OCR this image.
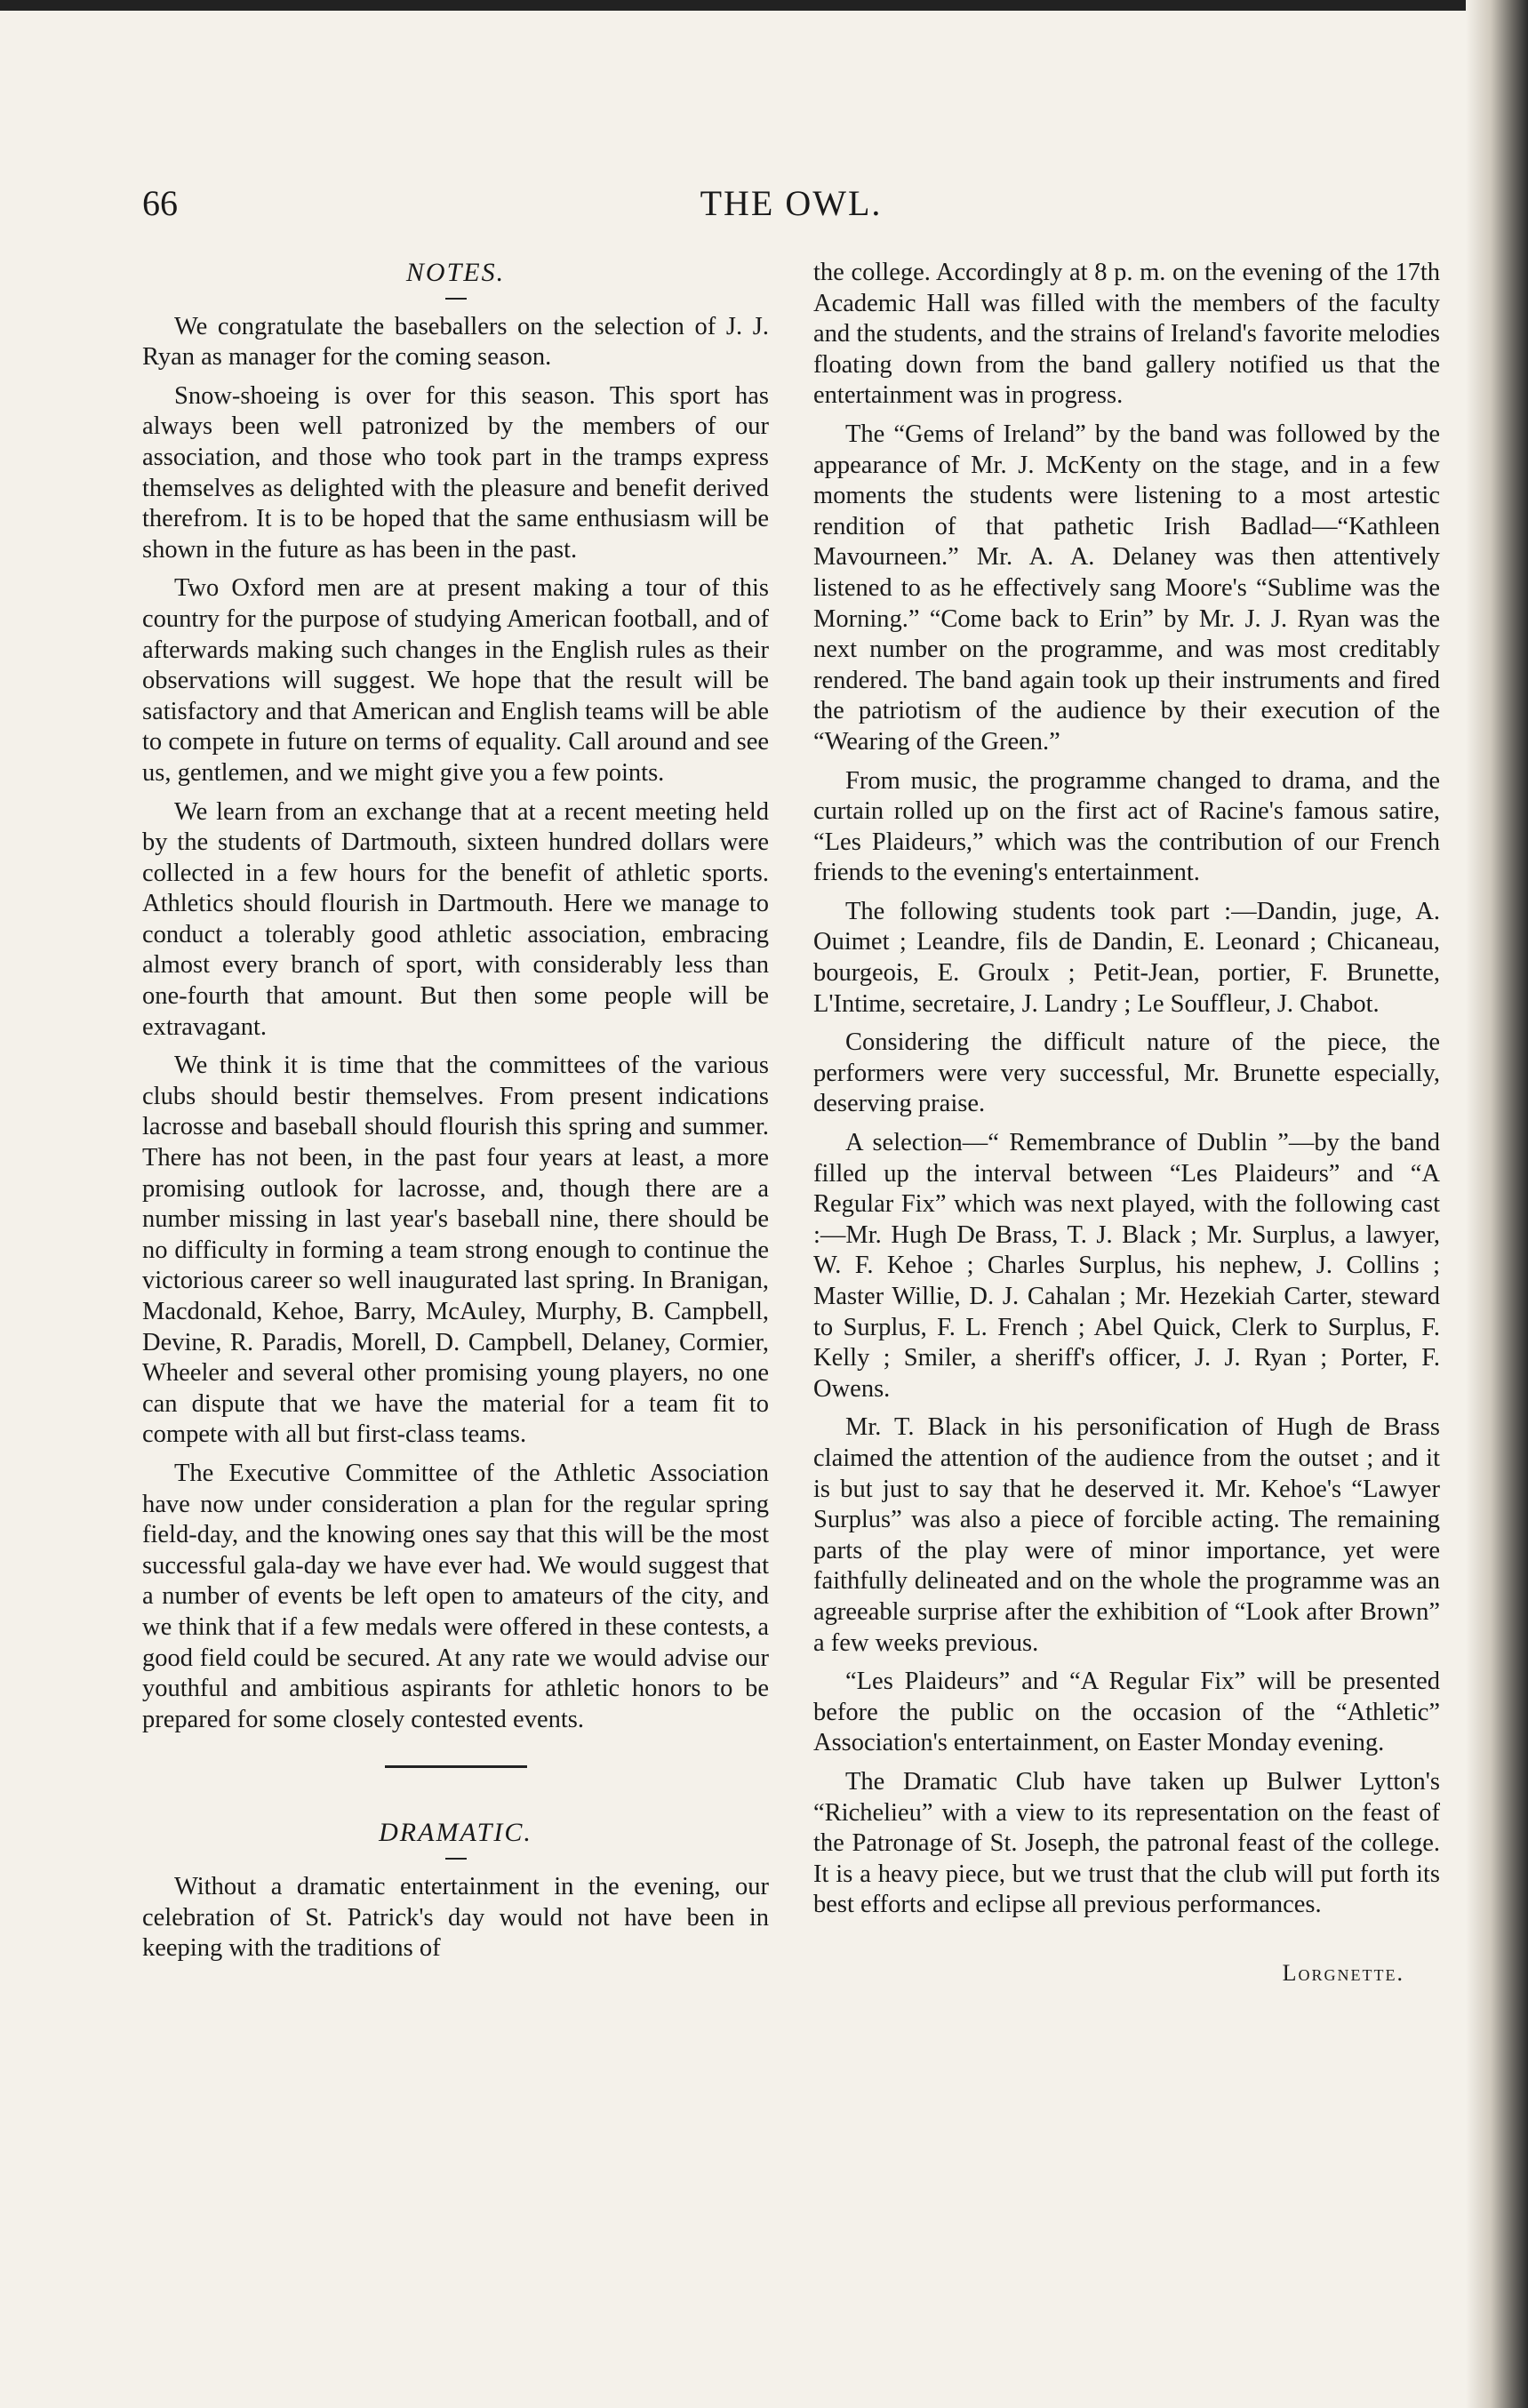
66	THE OWL.
NOTES.

We congratulate the baseballers on the selection of J. J. Ryan as manager for the coming season.

Snow-shoeing is over for this season. This sport has always been well patronized by the members of our association, and those who took part in the tramps express themselves as delighted with the pleasure and benefit derived therefrom. It is to be hoped that the same enthusiasm will be shown in the future as has been in the past.

Two Oxford men are at present making a tour of this country for the purpose of studying American football, and of afterwards making such changes in the English rules as their observations will suggest. We hope that the result will be satisfactory and that American and English teams will be able to compete in future on terms of equality. Call around and see us, gentlemen, and we might give you a few points.

We learn from an exchange that at a recent meeting held by the students of Dartmouth, sixteen hundred dollars were collected in a few hours for the benefit of athletic sports. Athletics should flourish in Dartmouth. Here we manage to conduct a tolerably good athletic association, embracing almost every branch of sport, with considerably less than one-fourth that amount. But then some people will be extravagant.

We think it is time that the committees of the various clubs should bestir themselves. From present indications lacrosse and baseball should flourish this spring and summer. There has not been, in the past four years at least, a more promising outlook for lacrosse, and, though there are a number missing in last year's baseball nine, there should be no difficulty in forming a team strong enough to continue the victorious career so well inaugurated last spring. In Branigan, Macdonald, Kehoe, Barry, McAuley, Murphy, B. Campbell, Devine, R. Paradis, Morell, D. Campbell, Delaney, Cormier, Wheeler and several other promising young players, no one can dispute that we have the material for a team fit to compete with all but first-class teams.

The Executive Committee of the Athletic Association have now under consideration a plan for the regular spring field-day, and the knowing ones say that this will be the most successful gala-day we have ever had. We would suggest that a number of events be left open to amateurs of the city, and we think that if a few medals were offered in these contests, a good field could be secured. At any rate we would advise our youthful and ambitious aspirants for athletic honors to be prepared for some closely contested events.

DRAMATIC.

Without a dramatic entertainment in the evening, our celebration of St. Patrick's day would not have been in keeping with the traditions of

the college. Accordingly at 8 p. m. on the evening of the 17th Academic Hall was filled with the members of the faculty and the students, and the strains of Ireland's favorite melodies floating down from the band gallery notified us that the entertainment was in progress.

The “Gems of Ireland” by the band was followed by the appearance of Mr. J. McKenty on the stage, and in a few moments the students were listening to a most artestic rendition of that pathetic Irish Badlad—“Kathleen Mavourneen.” Mr. A. A. Delaney was then attentively listened to as he effectively sang Moore's “Sublime was the Morning.” “Come back to Erin” by Mr. J. J. Ryan was the next number on the programme, and was most creditably rendered. The band again took up their instruments and fired the patriotism of the audience by their execution of the “Wearing of the Green.”

From music, the programme changed to drama, and the curtain rolled up on the first act of Racine's famous satire, “Les Plaideurs,” which was the contribution of our French friends to the evening's entertainment.

The following students took part :—Dandin, juge, A. Ouimet ; Leandre, fils de Dandin, E. Leonard ; Chicaneau, bourgeois, E. Groulx ; Petit-Jean, portier, F. Brunette, L'Intime, secretaire, J. Landry ; Le Souffleur, J. Chabot.

Considering the difficult nature of the piece, the performers were very successful, Mr. Brunette especially, deserving praise.

A selection—“ Remembrance of Dublin ”—by the band filled up the interval between “Les Plaideurs” and “A Regular Fix” which was next played, with the following cast :—Mr. Hugh De Brass, T. J. Black ; Mr. Surplus, a lawyer, W. F. Kehoe ; Charles Surplus, his nephew, J. Collins ; Master Willie, D. J. Cahalan ; Mr. Hezekiah Carter, steward to Surplus, F. L. French ; Abel Quick, Clerk to Surplus, F. Kelly ; Smiler, a sheriff's officer, J. J. Ryan ; Porter, F. Owens.

Mr. T. Black in his personification of Hugh de Brass claimed the attention of the audience from the outset ; and it is but just to say that he deserved it. Mr. Kehoe's “Lawyer Surplus” was also a piece of forcible acting. The remaining parts of the play were of minor importance, yet were faithfully delineated and on the whole the programme was an agreeable surprise after the exhibition of “Look after Brown” a few weeks previous.

“Les Plaideurs” and “A Regular Fix” will be presented before the public on the occasion of the “Athletic” Association's entertainment, on Easter Monday evening.

The Dramatic Club have taken up Bulwer Lytton's “Richelieu” with a view to its representation on the feast of the Patronage of St. Joseph, the patronal feast of the college. It is a heavy piece, but we trust that the club will put forth its best efforts and eclipse all previous performances.

Lorgnette.
